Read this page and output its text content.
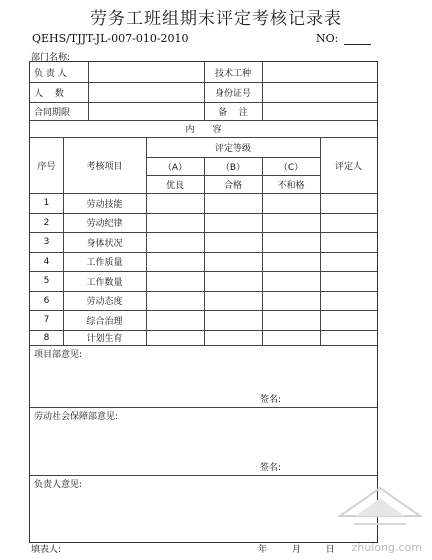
劳务工班组期末评定考核记录表
QEHS/TJJT-JL-007-010-2010	NO:
部门名称:
负 责 人	技术工种
人　 数	身份证号
合同期限	备　 注
内　　容
序号	考核项目
评定等级
（A）	（B）	（C）
优良	合格	不和格
评定人
1	劳动技能
2	劳动纪律
3	身体状况
4	工作质量
5	工作数量
6	劳动态度
7	综合治理
8	计划生育
项目部意见:
签名:
劳动社会保障部意见:
签名:
负责人意见:
填表人:	年	月	日	zhulong.com
